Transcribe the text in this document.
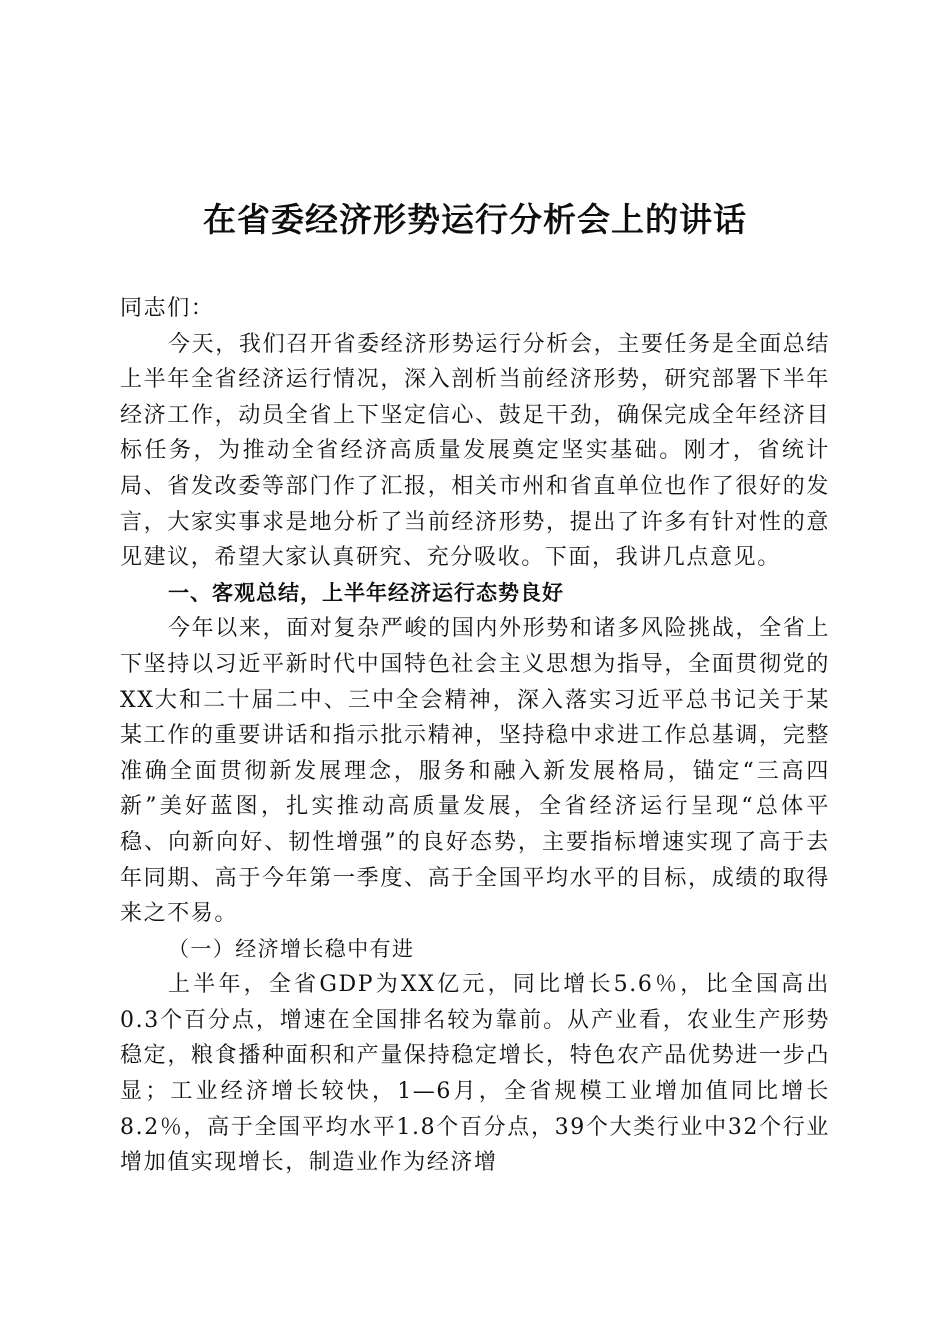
在省委经济形势运行分析会上的讲话

同志们：

今天，我们召开省委经济形势运行分析会，主要任务是全面总结上半年全省经济运行情况，深入剖析当前经济形势，研究部署下半年经济工作，动员全省上下坚定信心、鼓足干劲，确保完成全年经济目标任务，为推动全省经济高质量发展奠定坚实基础。刚才，省统计局、省发改委等部门作了汇报，相关市州和省直单位也作了很好的发言，大家实事求是地分析了当前经济形势，提出了许多有针对性的意见建议，希望大家认真研究、充分吸收。下面，我讲几点意见。

一、客观总结，上半年经济运行态势良好

今年以来，面对复杂严峻的国内外形势和诸多风险挑战，全省上下坚持以习近平新时代中国特色社会主义思想为指导，全面贯彻党的XX大和二十届二中、三中全会精神，深入落实习近平总书记关于某某工作的重要讲话和指示批示精神，坚持稳中求进工作总基调，完整准确全面贯彻新发展理念，服务和融入新发展格局，锚定“三高四新”美好蓝图，扎实推动高质量发展，全省经济运行呈现“总体平稳、向新向好、韧性增强”的良好态势，主要指标增速实现了高于去年同期、高于今年第一季度、高于全国平均水平的目标，成绩的取得来之不易。

（一）经济增长稳中有进

上半年，全省GDP为XX亿元，同比增长5.6％，比全国高出0.3个百分点，增速在全国排名较为靠前。从产业看，农业生产形势稳定，粮食播种面积和产量保持稳定增长，特色农产品优势进一步凸显；工业经济增长较快，1—6月，全省规模工业增加值同比增长8.2％，高于全国平均水平1.8个百分点，39个大类行业中32个行业增加值实现增长，制造业作为经济增
